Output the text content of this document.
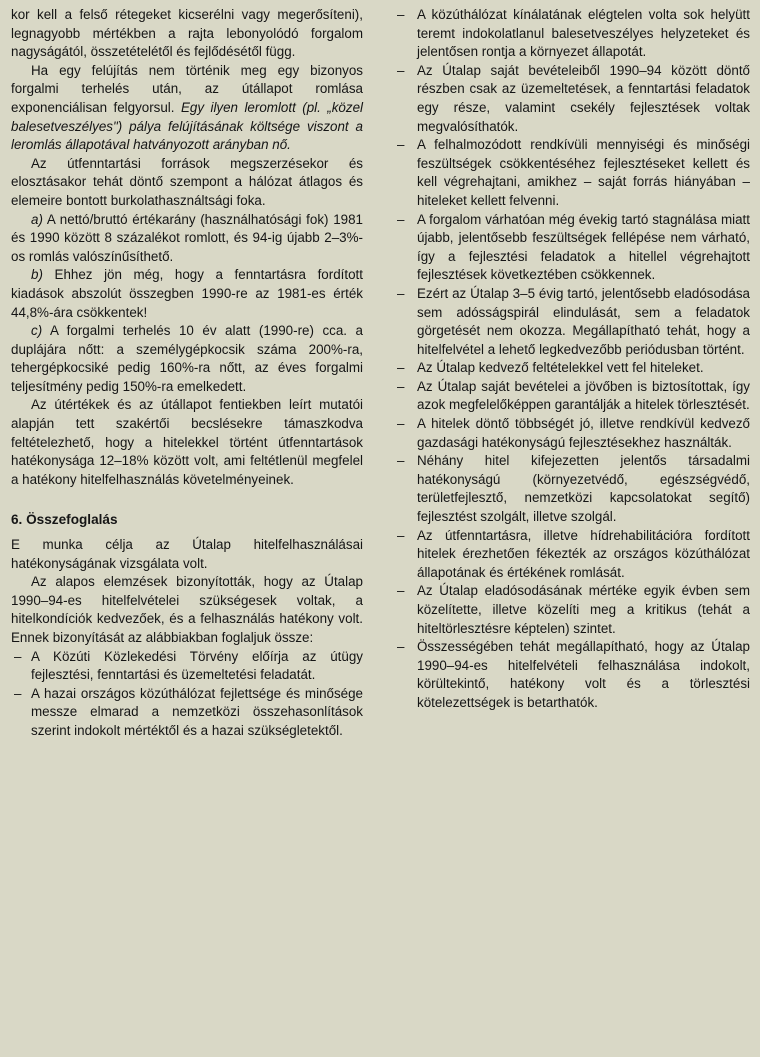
kor kell a felső rétegeket kicserélni vagy megerősíteni), legnagyobb mértékben a rajta lebonyolódó forgalom nagyságától, összetételétől és fejlődésétől függ.

Ha egy felújítás nem történik meg egy bizonyos forgalmi terhelés után, az útállapot romlása exponenciálisan felgyorsul. Egy ilyen leromlott (pl. „közel balesetveszélyes") pálya felújításának költsége viszont a leromlás állapotával hatványozott arányban nő.

Az útfenntartási források megszerzésekor és elosztásakor tehát döntő szempont a hálózat átlagos és elemeire bontott burkolathasználtsági foka.

a) A nettó/bruttó értékarány (használhatósági fok) 1981 és 1990 között 8 százalékot romlott, és 94-ig újabb 2–3%-os romlás valószínűsíthető.

b) Ehhez jön még, hogy a fenntartásra fordított kiadások abszolút összegben 1990-re az 1981-es érték 44,8%-ára csökkentek!

c) A forgalmi terhelés 10 év alatt (1990-re) cca. a duplájára nőtt: a személygépkocsik száma 200%-ra, tehergépkocsiké pedig 160%-ra nőtt, az éves forgalmi teljesítmény pedig 150%-ra emelkedett.

Az útértékek és az útállapot fentiekben leírt mutatói alapján tett szakértői becslésekre támaszkodva feltételezhető, hogy a hitelekkel történt útfenntartások hatékonysága 12–18% között volt, ami feltétlenül megfelel a hatékony hitelfelhasználás követelményeinek.

6. Összefoglalás

E munka célja az Útalap hitelfelhasználásai hatékonyságának vizsgálata volt.

Az alapos elemzések bizonyították, hogy az Útalap 1990–94-es hitelfelvételei szükségesek voltak, a hitelkondíciók kedvezőek, és a felhasználás hatékony volt. Ennek bizonyítását az alábbiakban foglaljuk össze:

– A Közúti Közlekedési Törvény előírja az útügy fejlesztési, fenntartási és üzemeltetési feladatát.
– A hazai országos közúthálózat fejlettsége és minősége messze elmarad a nemzetközi összehasonlítások szerint indokolt mértéktől és a hazai szükségletektől.
– A közúthálózat kínálatának elégtelen volta sok helyütt teremt indokolatlanul balesetveszélyes helyzeteket és jelentősen rontja a környezet állapotát.
– Az Útalap saját bevételeiből 1990–94 között döntő részben csak az üzemeltetések, a fenntartási feladatok egy része, valamint csekély fejlesztések voltak megvalósíthatók.
– A felhalmozódott rendkívüli mennyiségi és minőségi feszültségek csökkentéséhez fejlesztéseket kellett és kell végrehajtani, amikhez – saját forrás hiányában – hiteleket kellett felvenni.
– A forgalom várhatóan még évekig tartó stagnálása miatt újabb, jelentősebb feszültségek fellépése nem várható, így a fejlesztési feladatok a hitellel végrehajtott fejlesztések következtében csökkennek.
– Ezért az Útalap 3–5 évig tartó, jelentősebb eladósodása sem adósságspirál elindulását, sem a feladatok görgetését nem okozza. Megállapítható tehát, hogy a hitelfelvétel a lehető legkedvezőbb periódusban történt.
– Az Útalap kedvező feltételekkel vett fel hiteleket.
– Az Útalap saját bevételei a jövőben is biztosítottak, így azok megfelelőképpen garantálják a hitelek törlesztését.
– A hitelek döntő többségét jó, illetve rendkívül kedvező gazdasági hatékonyságú fejlesztésekhez használták.
– Néhány hitel kifejezetten jelentős társadalmi hatékonyságú (környezetvédő, egészségvédő, területfejlesztő, nemzetközi kapcsolatokat segítő) fejlesztést szolgált, illetve szolgál.
– Az útfenntartásra, illetve hídrehabilitációra fordított hitelek érezhetően fékezték az országos közúthálózat állapotának és értékének romlását.
– Az Útalap eladósodásának mértéke egyik évben sem közelítette, illetve közelíti meg a kritikus (tehát a hiteltörlesztésre képtelen) szintet.
– Összességében tehát megállapítható, hogy az Útalap 1990–94-es hitelfelvételi felhasználása indokolt, körültekintő, hatékony volt és a törlesztési kötelezettségek is betarthatók.
